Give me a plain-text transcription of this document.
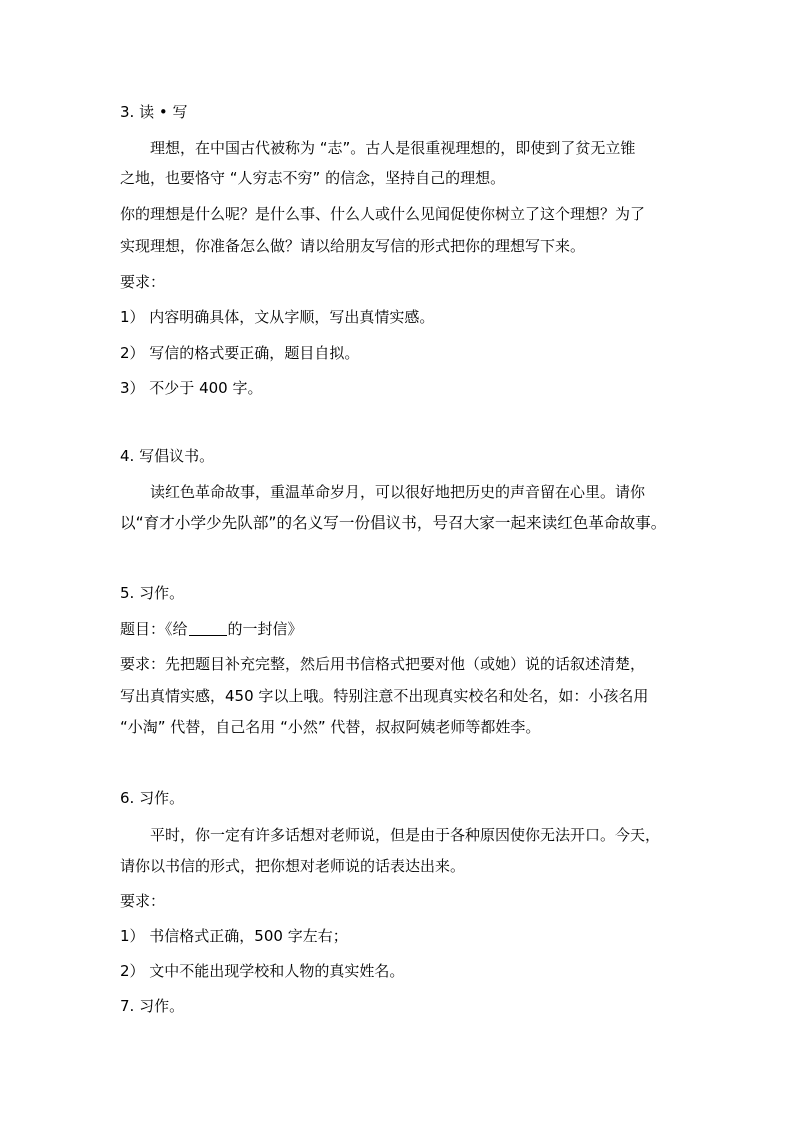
3. 读 • 写
理想，在中国古代被称为 “志”。古人是很重视理想的，即使到了贫无立锥
之地，也要恪守 “人穷志不穷” 的信念，坚持自己的理想。
你的理想是什么呢？是什么事、什么人或什么见闻促使你树立了这个理想？为了
实现理想，你准备怎么做？请以给朋友写信的形式把你的理想写下来。
要求：
1） 内容明确具体，文从字顺，写出真情实感。
2） 写信的格式要正确，题目自拟。
3） 不少于 400 字。
4. 写倡议书。
读红色革命故事，重温革命岁月，可以很好地把历史的声音留在心里。请你
以“育才小学少先队部”的名义写一份倡议书，号召大家一起来读红色革命故事。
5. 习作。
题目：《给	的一封信》
要求：先把题目补充完整，然后用书信格式把要对他（或她）说的话叙述清楚，
写出真情实感，450 字以上哦。特别注意不出现真实校名和处名，如：小孩名用
“小淘” 代替，自己名用 “小然” 代替，叔叔阿姨老师等都姓李。
6. 习作。
平时，你一定有许多话想对老师说，但是由于各种原因使你无法开口。今天，
请你以书信的形式，把你想对老师说的话表达出来。
要求：
1） 书信格式正确，500 字左右；
2） 文中不能出现学校和人物的真实姓名。
7. 习作。
